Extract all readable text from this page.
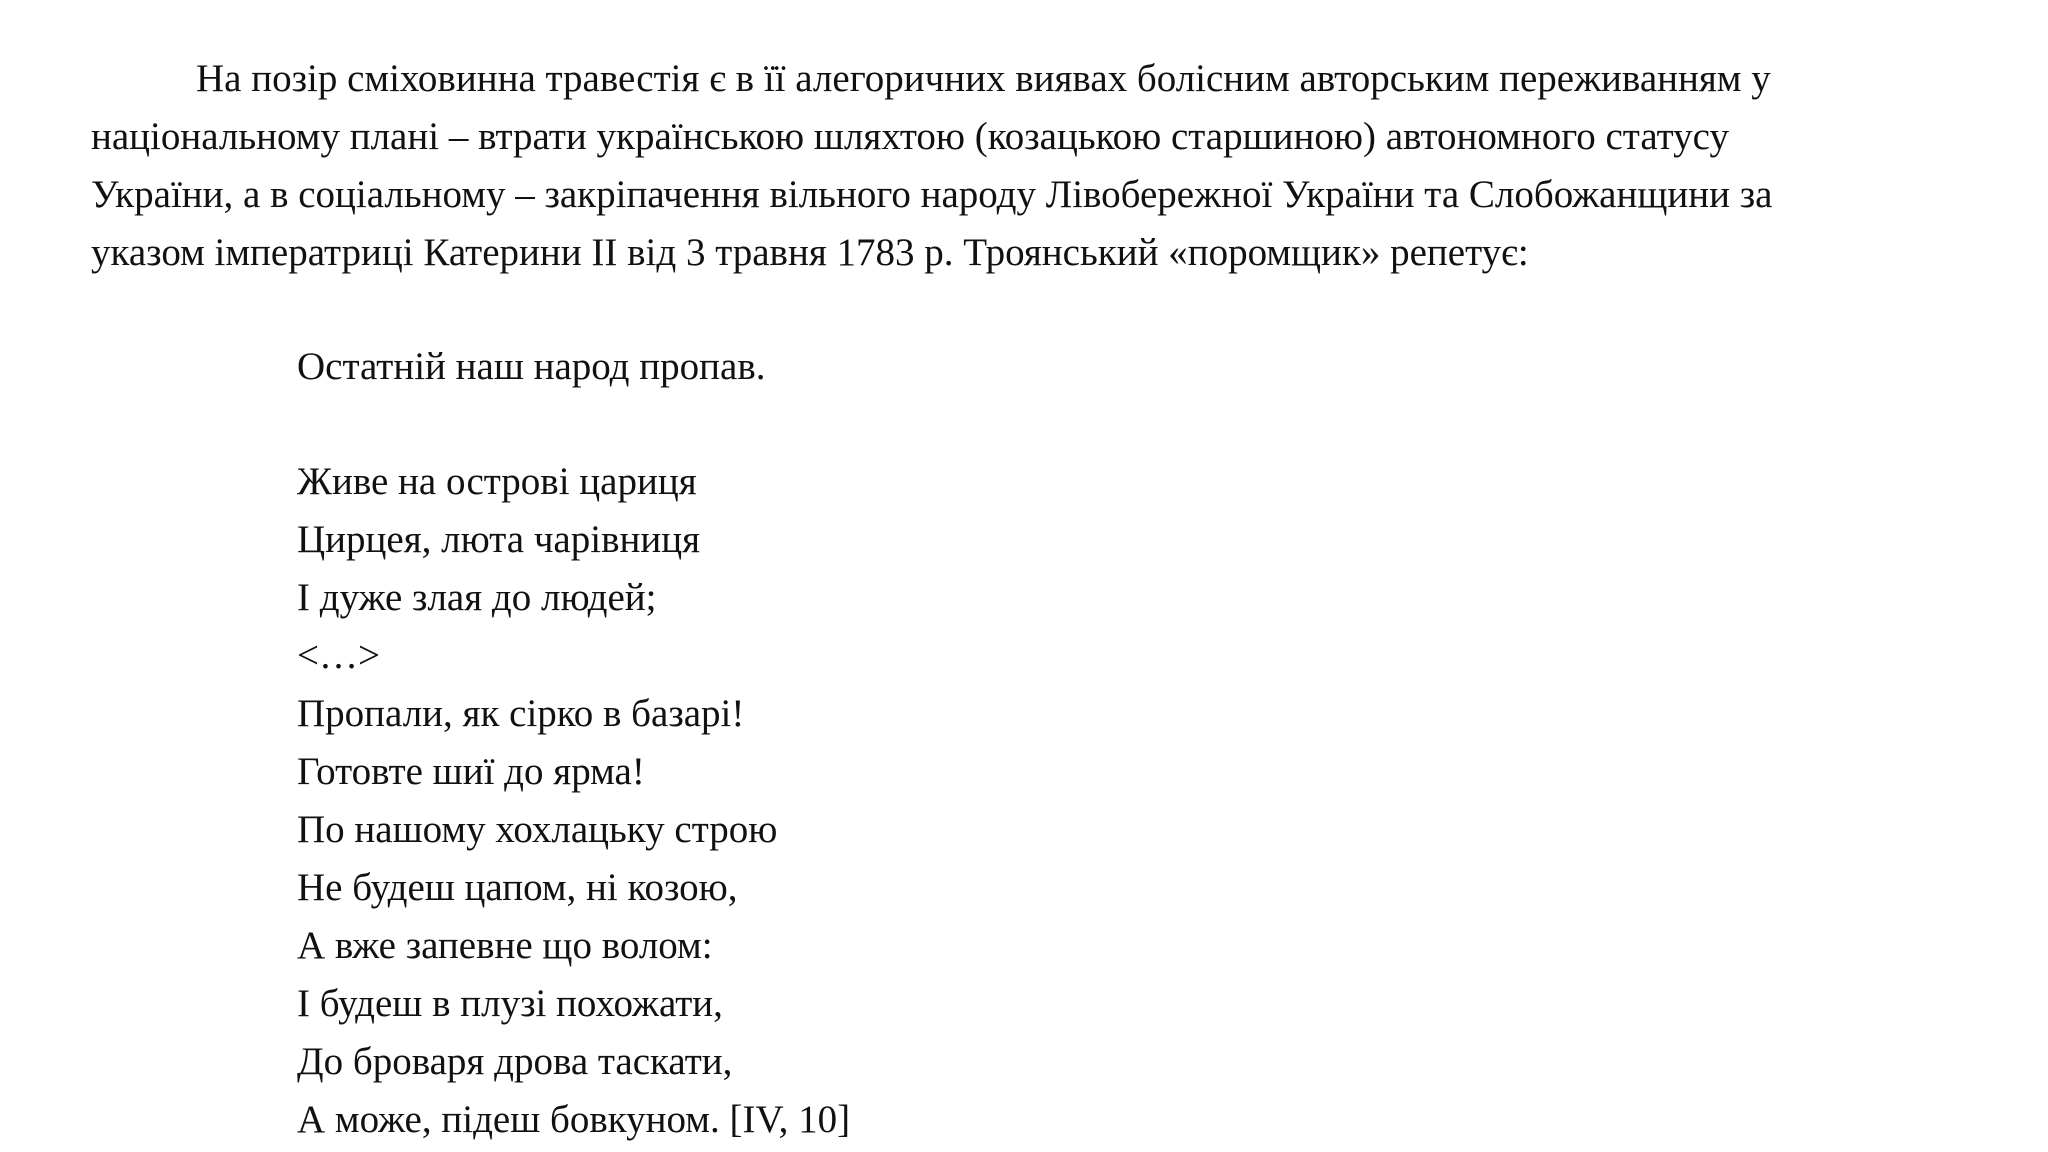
На позір сміховинна травестія є в її алегоричних виявах болісним авторським переживанням у
національному плані – втрати українською шляхтою (козацькою старшиною) автономного статусу
України, а в соціальному – закріпачення вільного народу Лівобережної України та Слобожанщини за
указом імператриці Катерини II від 3 травня 1783 р. Троянський «поромщик» репетує:

Остатній наш народ пропав.

Живе на острові цариця
Цирцея, люта чарівниця
І дуже злая до людей;
<…>
Пропали, як сірко в базарі!
Готовте шиї до ярма!
По нашому хохлацьку строю
Не будеш цапом, ні козою,
А вже запевне що волом:
І будеш в плузі похожати,
До броваря дрова таскати,
А може, підеш бовкуном. [IV, 10]
